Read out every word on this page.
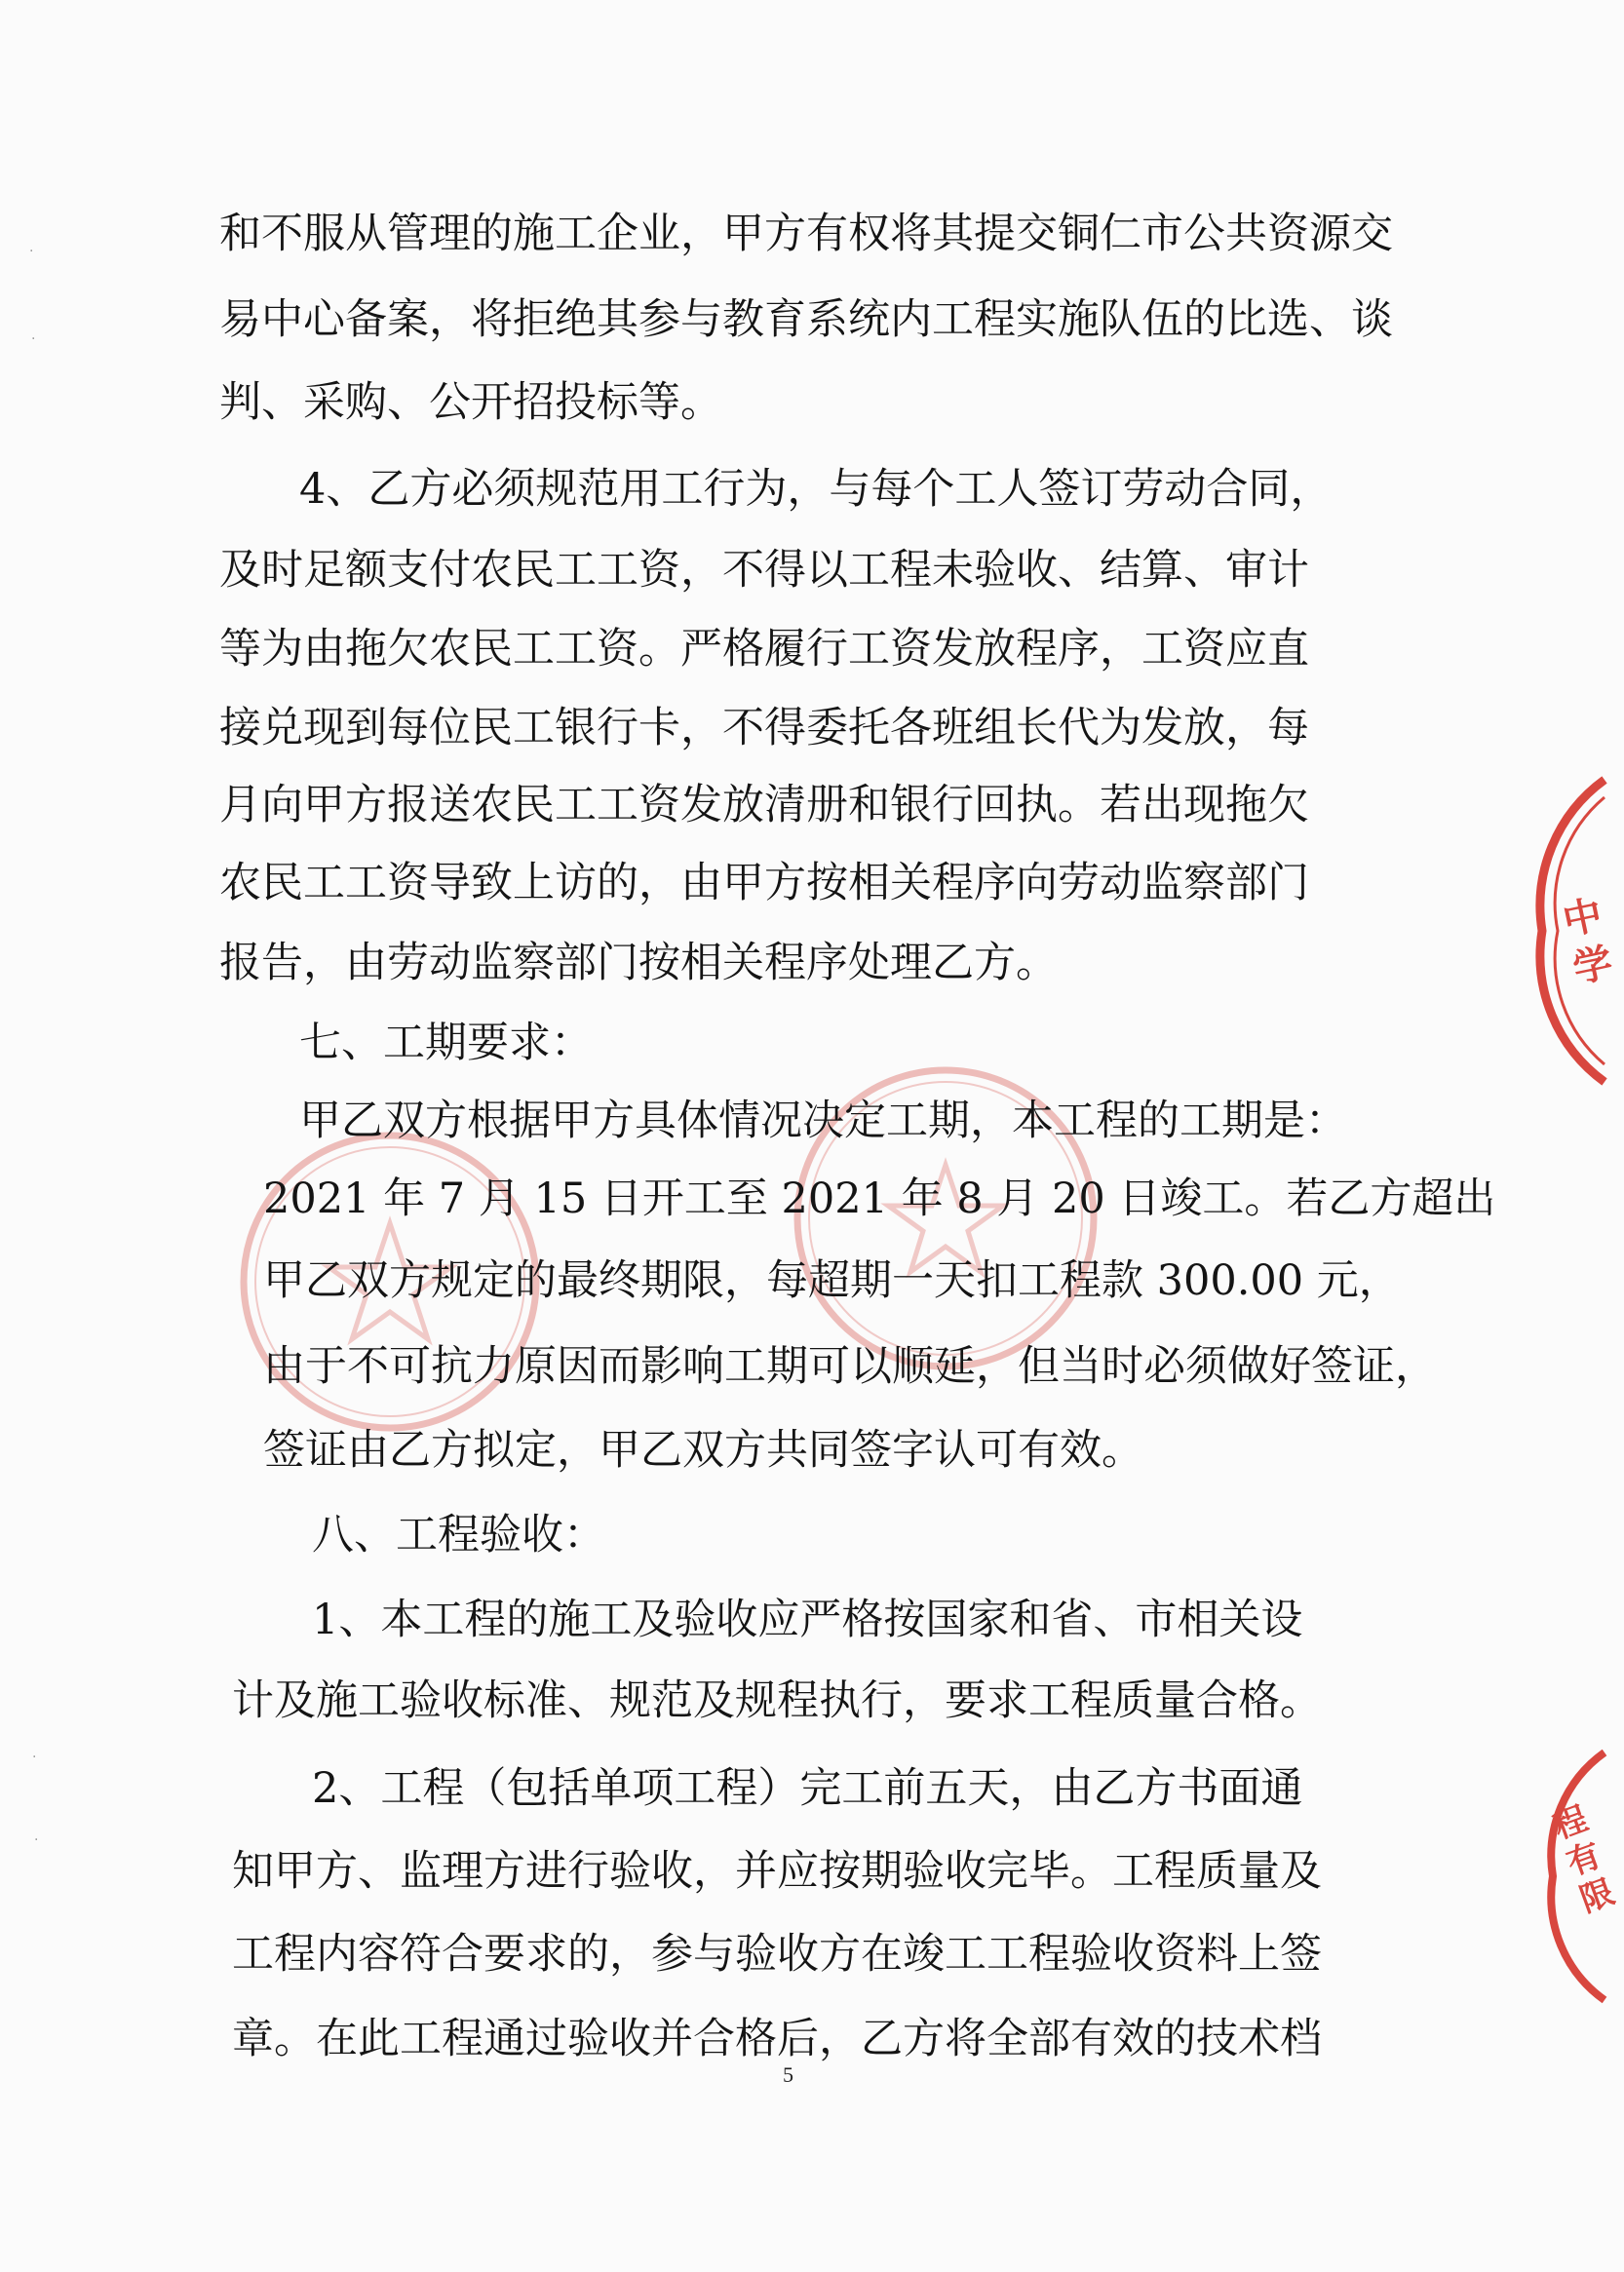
中学
程有限
·
·
·
·
和不服从管理的施工企业，甲方有权将其提交铜仁市公共资源交
易中心备案，将拒绝其参与教育系统内工程实施队伍的比选、谈
判、采购、公开招投标等。
4、乙方必须规范用工行为，与每个工人签订劳动合同，
及时足额支付农民工工资，不得以工程未验收、结算、审计
等为由拖欠农民工工资。严格履行工资发放程序，工资应直
接兑现到每位民工银行卡，不得委托各班组长代为发放，每
月向甲方报送农民工工资发放清册和银行回执。若出现拖欠
农民工工资导致上访的，由甲方按相关程序向劳动监察部门
报告，由劳动监察部门按相关程序处理乙方。
七、工期要求：
甲乙双方根据甲方具体情况决定工期，本工程的工期是：
2021 年 7 月 15 日开工至 2021 年 8 月 20 日竣工。若乙方超出
甲乙双方规定的最终期限，每超期一天扣工程款 300.00 元，
由于不可抗力原因而影响工期可以顺延，但当时必须做好签证，
签证由乙方拟定，甲乙双方共同签字认可有效。
八、工程验收：
1、本工程的施工及验收应严格按国家和省、市相关设
计及施工验收标准、规范及规程执行，要求工程质量合格。
2、工程（包括单项工程）完工前五天，由乙方书面通
知甲方、监理方进行验收，并应按期验收完毕。工程质量及
工程内容符合要求的，参与验收方在竣工工程验收资料上签
章。在此工程通过验收并合格后，乙方将全部有效的技术档
5
